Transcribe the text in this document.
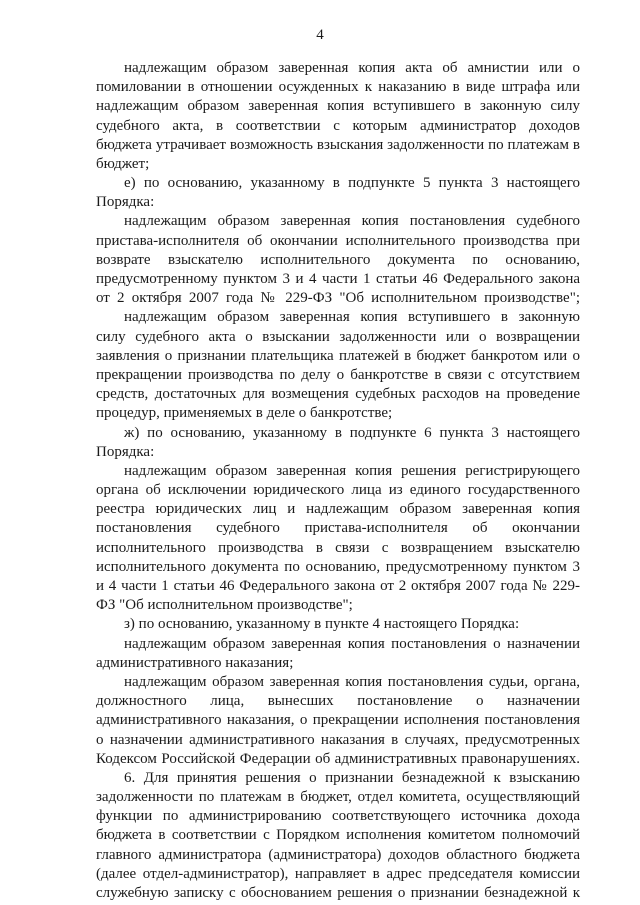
4
надлежащим образом заверенная копия акта об амнистии или о
помиловании в отношении осужденных к наказанию в виде штрафа или
надлежащим образом заверенная копия вступившего в законную силу
судебного акта, в соответствии с которым администратор доходов
бюджета утрачивает возможность взыскания задолженности по платежам в
бюджет;
е) по основанию, указанному в подпункте 5 пункта 3 настоящего
Порядка:
надлежащим образом заверенная копия постановления судебного
пристава-исполнителя об окончании исполнительного производства при
возврате взыскателю исполнительного документа по основанию,
предусмотренному пунктом 3 и 4 части 1 статьи 46 Федерального закона
от 2 октября 2007 года № 229-ФЗ "Об исполнительном производстве";
надлежащим образом заверенная копия вступившего в законную
силу судебного акта о взыскании задолженности или о возвращении
заявления о признании плательщика платежей в бюджет банкротом или о
прекращении производства по делу о банкротстве в связи с отсутствием
средств, достаточных для возмещения судебных расходов на проведение
процедур, применяемых в деле о банкротстве;
ж) по основанию, указанному в подпункте 6 пункта 3 настоящего
Порядка:
надлежащим образом заверенная копия решения регистрирующего
органа об исключении юридического лица из единого государственного
реестра юридических лиц и надлежащим образом заверенная копия
постановления судебного пристава-исполнителя об окончании
исполнительного производства в связи с возвращением взыскателю
исполнительного документа по основанию, предусмотренному пунктом 3
и 4 части 1 статьи 46 Федерального закона от 2 октября 2007 года № 229-
ФЗ "Об исполнительном производстве";
з) по основанию, указанному в пункте 4 настоящего Порядка:
надлежащим образом заверенная копия постановления о назначении
административного наказания;
надлежащим образом заверенная копия постановления судьи, органа,
должностного лица, вынесших постановление о назначении
административного наказания, о прекращении исполнения постановления
о назначении административного наказания в случаях, предусмотренных
Кодексом Российской Федерации об административных правонарушениях.
6. Для принятия решения о признании безнадежной к взысканию
задолженности по платежам в бюджет, отдел комитета, осуществляющий
функции по администрированию соответствующего источника дохода
бюджета в соответствии с Порядком исполнения комитетом полномочий
главного администратора (администратора) доходов областного бюджета
(далее отдел-администратор), направляет в адрес председателя комиссии
служебную записку с обоснованием решения о признании безнадежной к
